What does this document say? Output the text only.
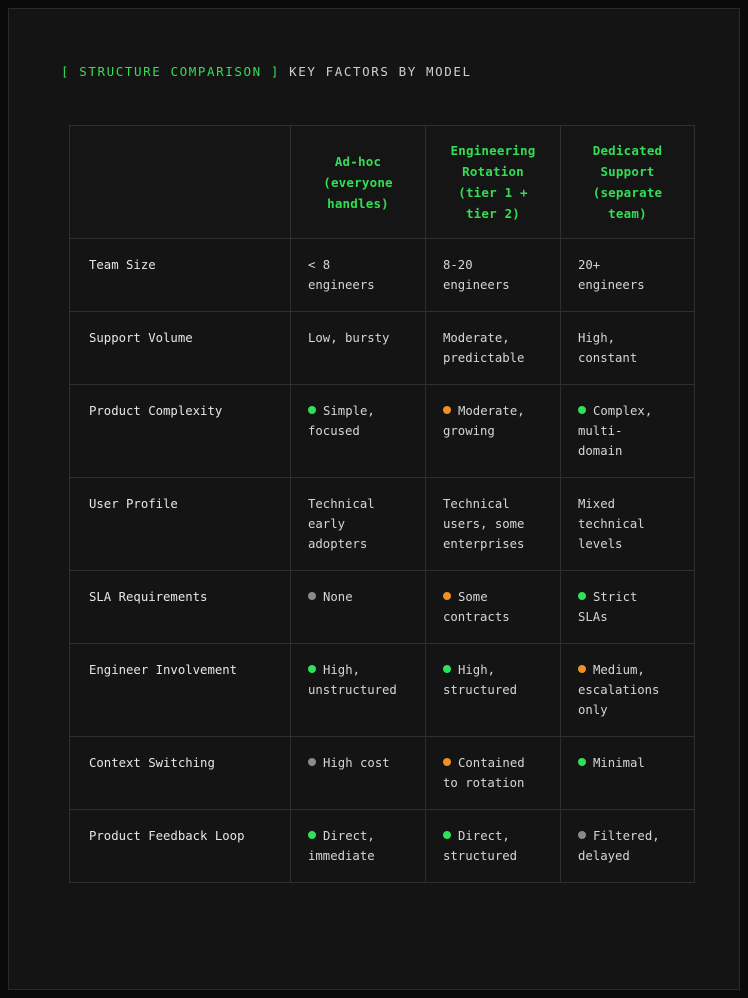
[ STRUCTURE COMPARISON ] KEY FACTORS BY MODEL

	Ad-hoc
(everyone
handles)	Engineering
Rotation
(tier 1 +
tier 2)	Dedicated
Support
(separate
team)

Team Size	< 8
engineers	8-20
engineers	20+
engineers
Support Volume	Low, bursty	Moderate,
predictable	High,
constant
Product Complexity	Simple,
focused	Moderate,
growing	Complex,
multi-
domain
User Profile	Technical
early
adopters	Technical
users, some
enterprises	Mixed
technical
levels
SLA Requirements	None	Some
contracts	Strict
SLAs
Engineer Involvement	High,
unstructured	High,
structured	Medium,
escalations
only
Context Switching	High cost	Contained
to rotation	Minimal
Product Feedback Loop	Direct,
immediate	Direct,
structured	Filtered,
delayed
